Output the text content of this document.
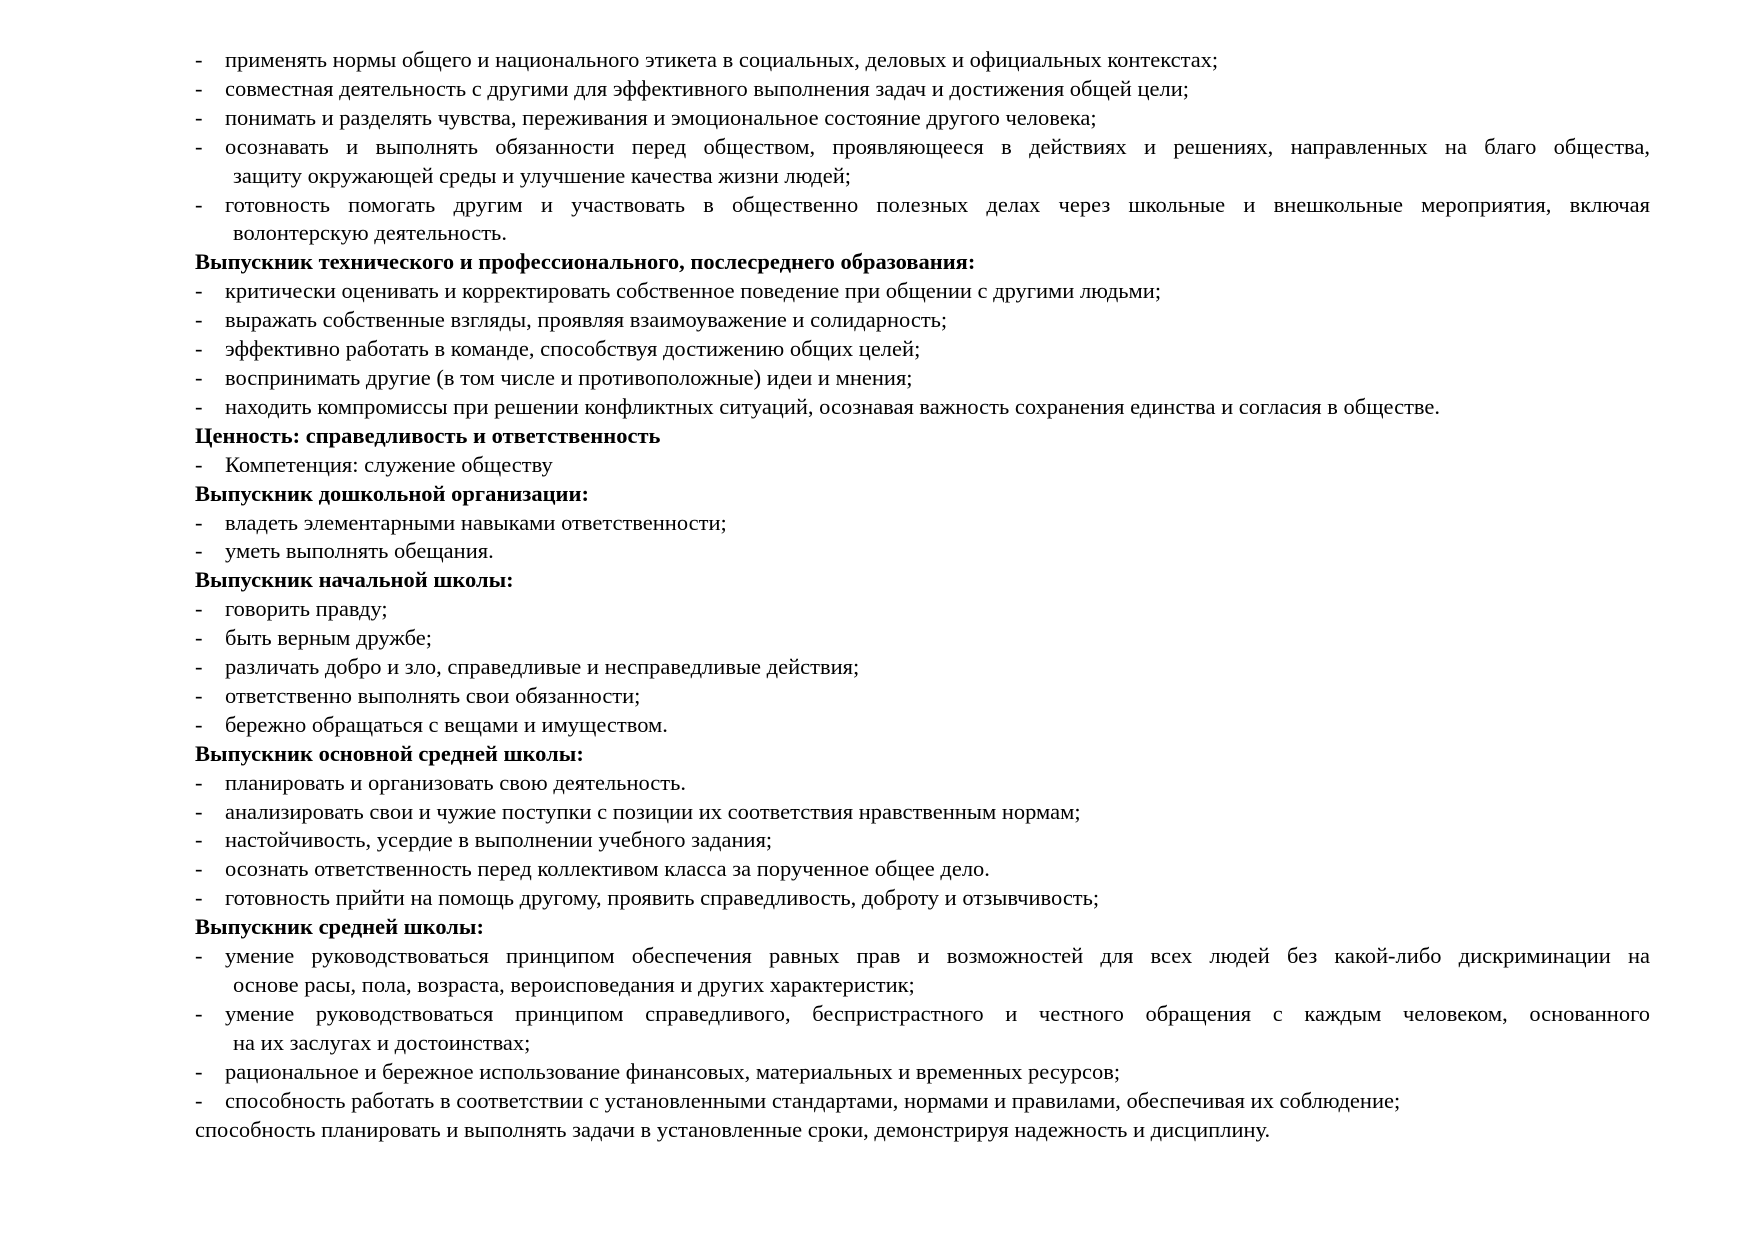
-	применять нормы общего и национального этикета в социальных, деловых и официальных контекстах;
-	совместная деятельность с другими для эффективного выполнения задач и достижения общей цели;
-	понимать и разделять чувства, переживания и эмоциональное состояние другого человека;
-	осознавать и выполнять обязанности перед обществом, проявляющееся в действиях и решениях, направленных на благо общества,
защиту окружающей среды и улучшение качества жизни людей;
-	готовность помогать другим и участвовать в общественно полезных делах через школьные и внешкольные мероприятия, включая
волонтерскую деятельность.
Выпускник технического и профессионального, послесреднего образования:
-	критически оценивать и корректировать собственное поведение при общении с другими людьми;
-	выражать собственные взгляды, проявляя взаимоуважение и солидарность;
-	эффективно работать в команде, способствуя достижению общих целей;
-	воспринимать другие (в том числе и противоположные) идеи и мнения;
-	находить компромиссы при решении конфликтных ситуаций, осознавая важность сохранения единства и согласия в обществе.
Ценность: справедливость и ответственность
-	Компетенция: служение обществу
Выпускник дошкольной организации:
-	владеть элементарными навыками ответственности;
-	уметь выполнять обещания.
Выпускник начальной школы:
-	говорить правду;
-	быть верным дружбе;
-	различать добро и зло, справедливые и несправедливые действия;
-	ответственно выполнять свои обязанности;
-	бережно обращаться с вещами и имуществом.
Выпускник основной средней школы:
-	планировать и организовать свою деятельность.
-	анализировать свои и чужие поступки с позиции их соответствия нравственным нормам;
-	настойчивость, усердие в выполнении учебного задания;
-	осознать ответственность перед коллективом класса за порученное общее дело.
-	готовность прийти на помощь другому, проявить справедливость, доброту и отзывчивость;
Выпускник средней школы:
-	умение руководствоваться принципом обеспечения равных прав и возможностей для всех людей без какой-либо дискриминации на
основе расы, пола, возраста, вероисповедания и других характеристик;
-	умение руководствоваться принципом справедливого, беспристрастного и честного обращения с каждым человеком, основанного
на их заслугах и достоинствах;
-	рациональное и бережное использование финансовых, материальных и временных ресурсов;
-	способность работать в соответствии с установленными стандартами, нормами и правилами, обеспечивая их соблюдение;
способность планировать и выполнять задачи в установленные сроки, демонстрируя надежность и дисциплину.
